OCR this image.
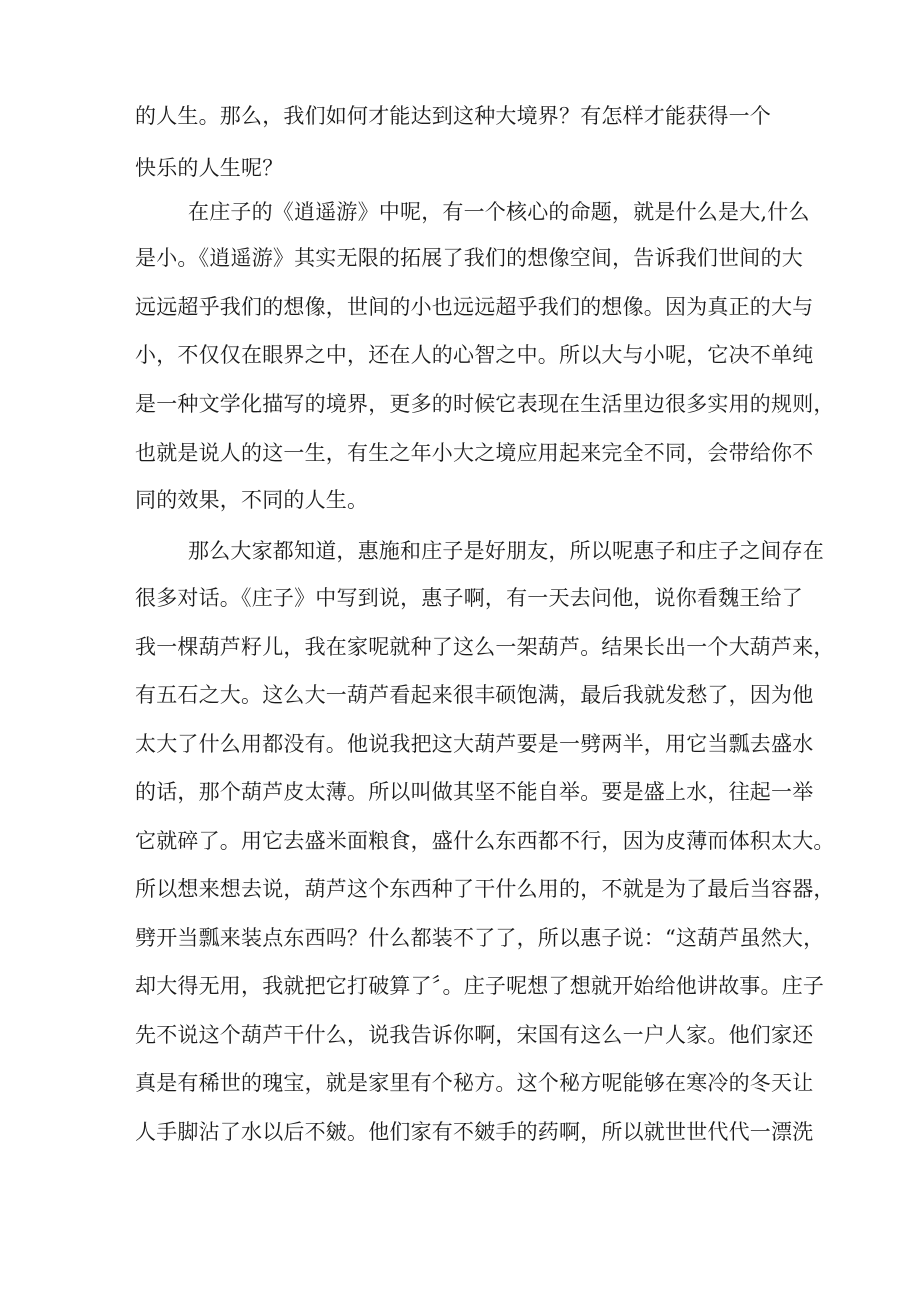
的人生。那么，我们如何才能达到这种大境界？有怎样才能获得一个

快乐的人生呢？

在庄子的《逍遥游》中呢，有一个核心的命题，就是什么是大,什么

是小。《逍遥游》其实无限的拓展了我们的想像空间，告诉我们世间的大

远远超乎我们的想像，世间的小也远远超乎我们的想像。因为真正的大与

小，不仅仅在眼界之中，还在人的心智之中。所以大与小呢，它决不单纯

是一种文学化描写的境界，更多的时候它表现在生活里边很多实用的规则，

也就是说人的这一生，有生之年小大之境应用起来完全不同，会带给你不

同的效果，不同的人生。

那么大家都知道，惠施和庄子是好朋友，所以呢惠子和庄子之间存在

很多对话。《庄子》中写到说，惠子啊，有一天去问他，说你看魏王给了

我一棵葫芦籽儿，我在家呢就种了这么一架葫芦。结果长出一个大葫芦来，

有五石之大。这么大一葫芦看起来很丰硕饱满，最后我就发愁了，因为他

太大了什么用都没有。他说我把这大葫芦要是一劈两半，用它当瓢去盛水

的话，那个葫芦皮太薄。所以叫做其坚不能自举。要是盛上水，往起一举

它就碎了。用它去盛米面粮食，盛什么东西都不行，因为皮薄而体积太大。

所以想来想去说，葫芦这个东西种了干什么用的，不就是为了最后当容器，

劈开当瓢来装点东西吗？什么都装不了了，所以惠子说：“这葫芦虽然大，

却大得无用，我就把它打破算了〞。庄子呢想了想就开始给他讲故事。庄子

先不说这个葫芦干什么，说我告诉你啊，宋国有这么一户人家。他们家还

真是有稀世的瑰宝，就是家里有个秘方。这个秘方呢能够在寒冷的冬天让

人手脚沾了水以后不皴。他们家有不皴手的药啊，所以就世世代代一漂洗
